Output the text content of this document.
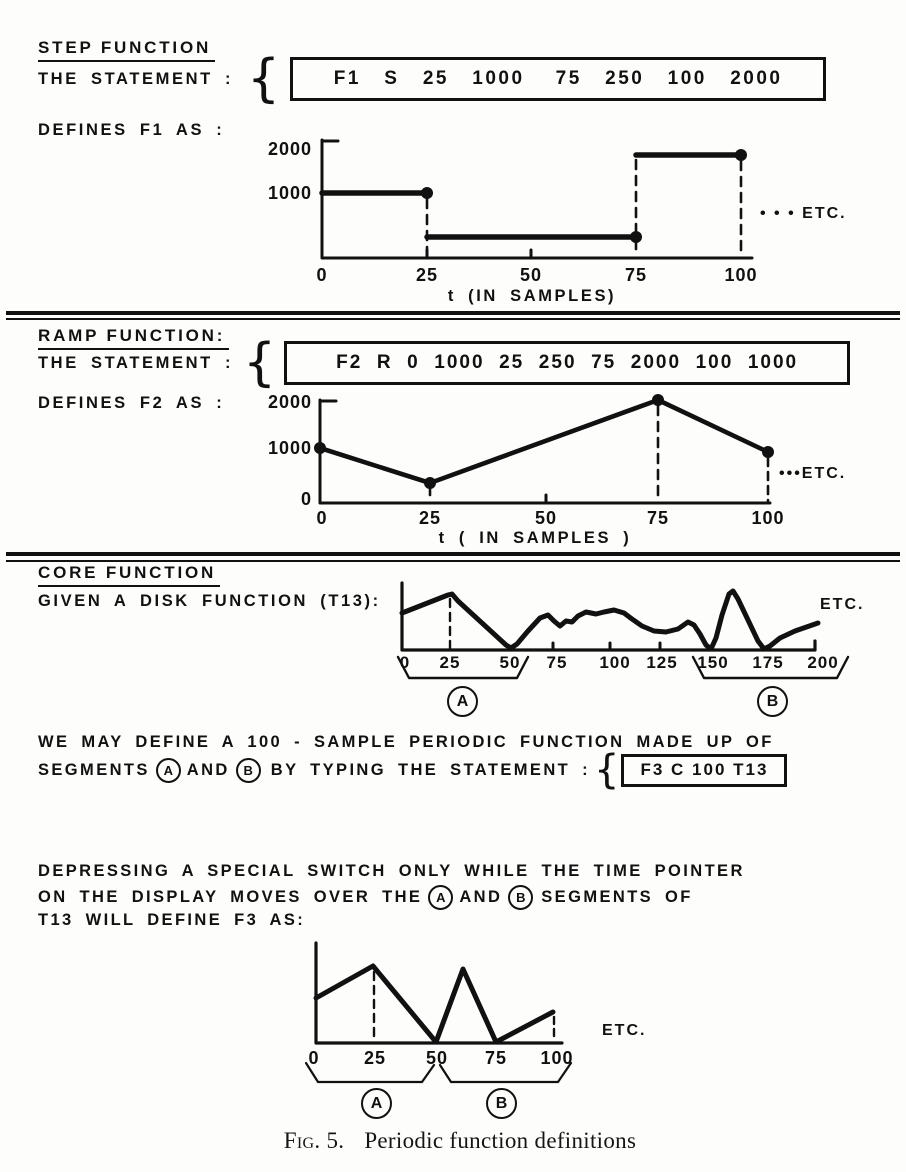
STEP FUNCTION
THE STATEMENT : {	F1   S   25   1000    75   250   100   2000
DEFINES F1 AS :
2000
1000
0	25	50	75	100
t (IN SAMPLES)
• • • ETC.
RAMP FUNCTION:
THE STATEMENT : {	F2  R  0  1000  25  250  75  2000  100  1000
DEFINES F2 AS :	2000
1000
0
0	25	50	75	100
t ( IN SAMPLES )
•••ETC.
CORE FUNCTION
GIVEN A DISK FUNCTION (T13):
0	25	50	75	100 125	150	175	200
A	B
ETC.
WE MAY DEFINE A 100 - SAMPLE PERIODIC FUNCTION MADE UP OF
SEGMENTS	A AND	B	BY TYPING THE STATEMENT : { F3 C 100 T13
DEPRESSING A SPECIAL SWITCH ONLY WHILE THE TIME POINTER
ON THE DISPLAY MOVES OVER THE	A AND	B SEGMENTS OF
T13 WILL DEFINE F3 AS:
0	25	50	75	100
A	B
ETC.
Fig. 5. Periodic function definitions
